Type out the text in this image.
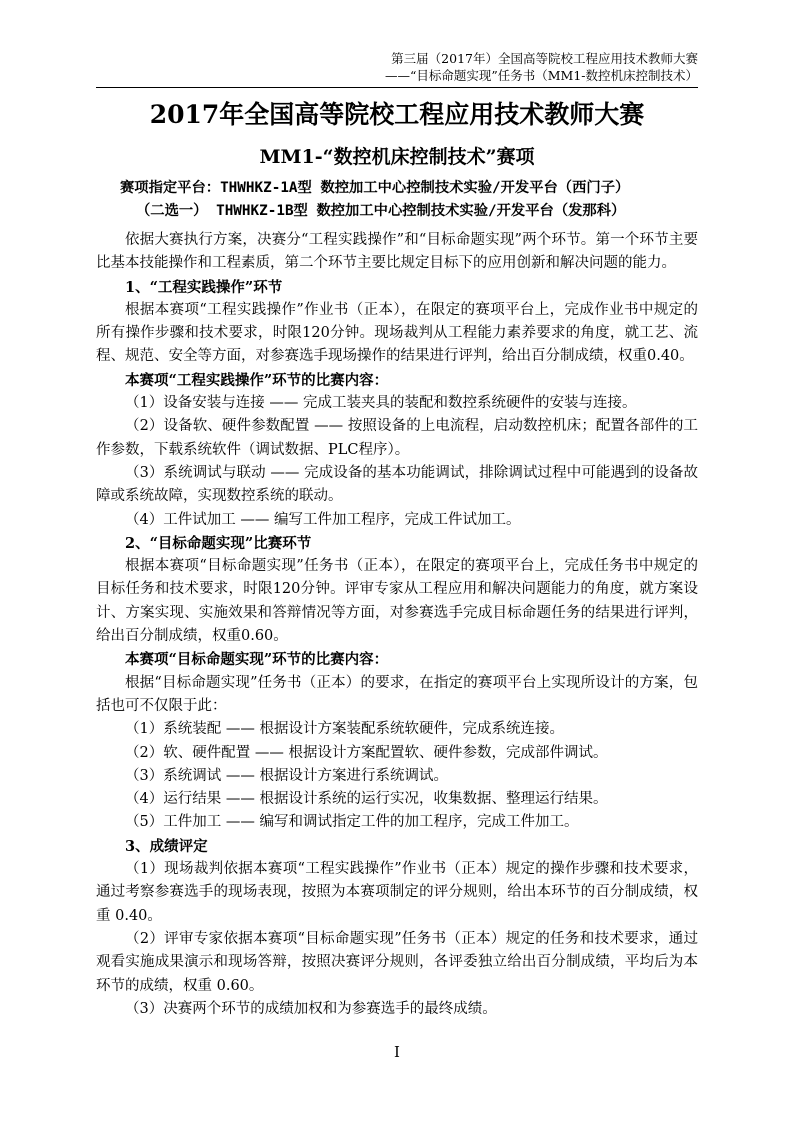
第三届（2017年）全国高等院校工程应用技术教师大赛
——“目标命题实现”任务书（MM1-数控机床控制技术）
2017年全国高等院校工程应用技术教师大赛
MM1-“数控机床控制技术”赛项
赛项指定平台：THWHKZ-1A型 数控加工中心控制技术实验/开发平台（西门子）
（二选一） THWHKZ-1B型 数控加工中心控制技术实验/开发平台（发那科）

依据大赛执行方案，决赛分“工程实践操作”和“目标命题实现”两个环节。第一个环节主要比基本技能操作和工程素质，第二个环节主要比规定目标下的应用创新和解决问题的能力。

1、“工程实践操作”环节

根据本赛项“工程实践操作”作业书（正本），在限定的赛项平台上，完成作业书中规定的所有操作步骤和技术要求，时限120分钟。现场裁判从工程能力素养要求的角度，就工艺、流程、规范、安全等方面，对参赛选手现场操作的结果进行评判，给出百分制成绩，权重0.40。

本赛项“工程实践操作”环节的比赛内容：

（1）设备安装与连接 —— 完成工装夹具的装配和数控系统硬件的安装与连接。

（2）设备软、硬件参数配置 —— 按照设备的上电流程，启动数控机床；配置各部件的工作参数，下载系统软件（调试数据、PLC程序）。

（3）系统调试与联动 —— 完成设备的基本功能调试，排除调试过程中可能遇到的设备故障或系统故障，实现数控系统的联动。

（4）工件试加工 —— 编写工件加工程序，完成工件试加工。

2、“目标命题实现”比赛环节

根据本赛项“目标命题实现”任务书（正本），在限定的赛项平台上，完成任务书中规定的目标任务和技术要求，时限120分钟。评审专家从工程应用和解决问题能力的角度，就方案设计、方案实现、实施效果和答辩情况等方面，对参赛选手完成目标命题任务的结果进行评判，给出百分制成绩，权重0.60。

本赛项“目标命题实现”环节的比赛内容：

根据“目标命题实现”任务书（正本）的要求，在指定的赛项平台上实现所设计的方案，包括也可不仅限于此：

（1）系统装配 —— 根据设计方案装配系统软硬件，完成系统连接。

（2）软、硬件配置 —— 根据设计方案配置软、硬件参数，完成部件调试。

（3）系统调试 —— 根据设计方案进行系统调试。

（4）运行结果 —— 根据设计系统的运行实况，收集数据、整理运行结果。

（5）工件加工 —— 编写和调试指定工件的加工程序，完成工件加工。

3、成绩评定

（1）现场裁判依据本赛项“工程实践操作”作业书（正本）规定的操作步骤和技术要求，通过考察参赛选手的现场表现，按照为本赛项制定的评分规则，给出本环节的百分制成绩，权重 0.40。

（2）评审专家依据本赛项“目标命题实现”任务书（正本）规定的任务和技术要求，通过观看实施成果演示和现场答辩，按照决赛评分规则，各评委独立给出百分制成绩，平均后为本环节的成绩，权重 0.60。

（3）决赛两个环节的成绩加权和为参赛选手的最终成绩。

I
